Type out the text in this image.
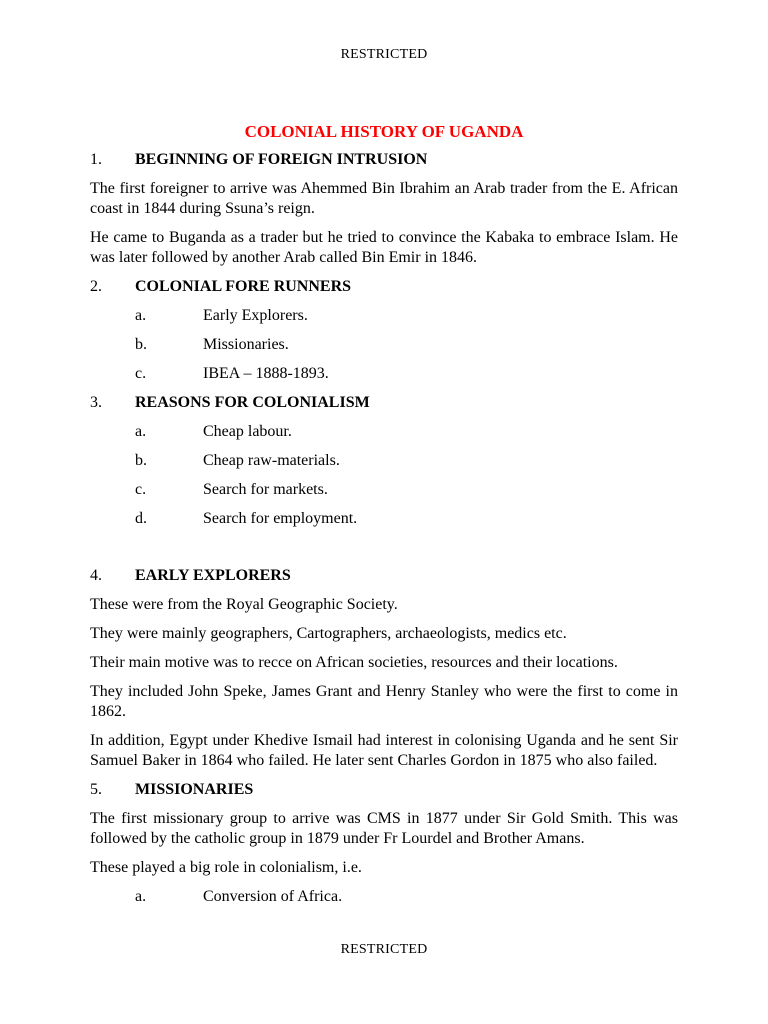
RESTRICTED
COLONIAL HISTORY OF UGANDA
1.	BEGINNING OF FOREIGN INTRUSION

The first foreigner to arrive was Ahemmed Bin Ibrahim an Arab trader from the E. African coast in 1844 during Ssuna’s reign.

He came to Buganda as a trader but he tried to convince the Kabaka to embrace Islam. He was later followed by another Arab called Bin Emir in 1846.

2.	COLONIAL FORE RUNNERS
a.	Early Explorers.
b.	Missionaries.
c.	IBEA – 1888-1893.
3.	REASONS FOR COLONIALISM
a.	Cheap labour.
b.	Cheap raw-materials.
c.	Search for markets.
d.	Search for employment.
4.	EARLY EXPLORERS

These were from the Royal Geographic Society.

They were mainly geographers, Cartographers, archaeologists, medics etc.

Their main motive was to recce on African societies, resources and their locations.

They included John Speke, James Grant and Henry Stanley who were the first to come in 1862.

In addition, Egypt under Khedive Ismail had interest in colonising Uganda and he sent Sir Samuel Baker in 1864 who failed. He later sent Charles Gordon in 1875 who also failed.

5.	MISSIONARIES

The first missionary group to arrive was CMS in 1877 under Sir Gold Smith. This was followed by the catholic group in 1879 under Fr Lourdel and Brother Amans.

These played a big role in colonialism, i.e.

a.	Conversion of Africa.
RESTRICTED
